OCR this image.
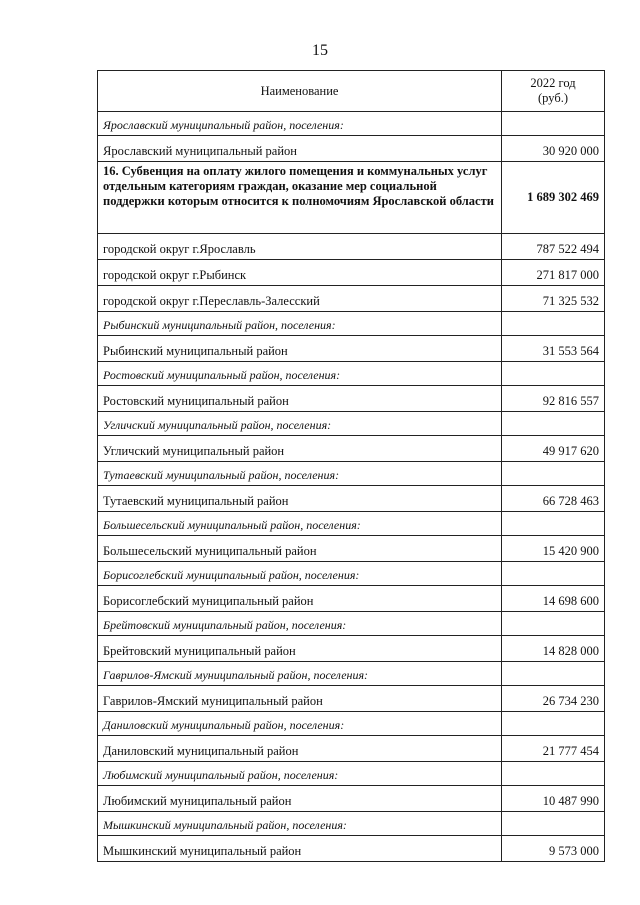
15
Наименование	2022 год
(руб.)
Ярославский муниципальный район, поселения:	
Ярославский муниципальный район	30 920 000
16. Субвенция на оплату жилого помещения и коммунальных услуг отдельным категориям граждан, оказание мер социальной поддержки которым относится к полномочиям Ярославской области	1 689 302 469
городской округ г.Ярославль	787 522 494
городской округ г.Рыбинск	271 817 000
городской округ г.Переславль-Залесский	71 325 532
Рыбинский муниципальный район, поселения:	
Рыбинский муниципальный район	31 553 564
Ростовский муниципальный район, поселения:	
Ростовский муниципальный район	92 816 557
Угличский муниципальный район, поселения:	
Угличский муниципальный район	49 917 620
Тутаевский муниципальный район, поселения:	
Тутаевский муниципальный район	66 728 463
Большесельский муниципальный район, поселения:	
Большесельский муниципальный район	15 420 900
Борисоглебский муниципальный район, поселения:	
Борисоглебский муниципальный район	14 698 600
Брейтовский муниципальный район, поселения:	
Брейтовский муниципальный район	14 828 000
Гаврилов-Ямский муниципальный район, поселения:	
Гаврилов-Ямский муниципальный район	26 734 230
Даниловский муниципальный район, поселения:	
Даниловский муниципальный район	21 777 454
Любимский муниципальный район, поселения:	
Любимский муниципальный район	10 487 990
Мышкинский муниципальный район, поселения:	
Мышкинский муниципальный район	9 573 000
